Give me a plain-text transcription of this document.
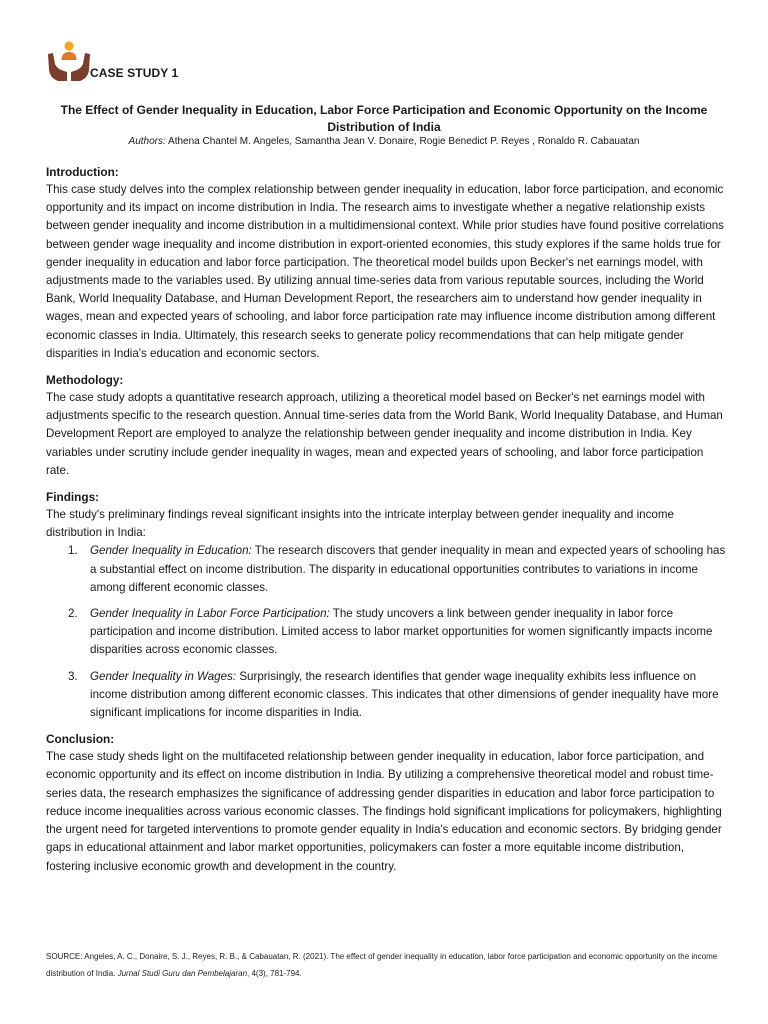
CASE STUDY 1
The Effect of Gender Inequality in Education, Labor Force Participation and Economic Opportunity on the Income Distribution of India
Authors: Athena Chantel M. Angeles, Samantha Jean V. Donaire, Rogie Benedict P. Reyes , Ronaldo R. Cabauatan
Introduction:

This case study delves into the complex relationship between gender inequality in education, labor force participation, and economic opportunity and its impact on income distribution in India. The research aims to investigate whether a negative relationship exists between gender inequality and income distribution in a multidimensional context. While prior studies have found positive correlations between gender wage inequality and income distribution in export-oriented economies, this study explores if the same holds true for gender inequality in education and labor force participation. The theoretical model builds upon Becker's net earnings model, with adjustments made to the variables used. By utilizing annual time-series data from various reputable sources, including the World Bank, World Inequality Database, and Human Development Report, the researchers aim to understand how gender inequality in wages, mean and expected years of schooling, and labor force participation rate may influence income distribution among different economic classes in India. Ultimately, this research seeks to generate policy recommendations that can help mitigate gender disparities in India's education and economic sectors.

Methodology:

The case study adopts a quantitative research approach, utilizing a theoretical model based on Becker's net earnings model with adjustments specific to the research question. Annual time-series data from the World Bank, World Inequality Database, and Human Development Report are employed to analyze the relationship between gender inequality and income distribution in India. Key variables under scrutiny include gender inequality in wages, mean and expected years of schooling, and labor force participation rate.

Findings:

The study's preliminary findings reveal significant insights into the intricate interplay between gender inequality and income distribution in India:

1. Gender Inequality in Education: The research discovers that gender inequality in mean and expected years of schooling has a substantial effect on income distribution. The disparity in educational opportunities contributes to variations in income among different economic classes.
2. Gender Inequality in Labor Force Participation: The study uncovers a link between gender inequality in labor force participation and income distribution. Limited access to labor market opportunities for women significantly impacts income disparities across economic classes.
3. Gender Inequality in Wages: Surprisingly, the research identifies that gender wage inequality exhibits less influence on income distribution among different economic classes. This indicates that other dimensions of gender inequality have more significant implications for income disparities in India.
Conclusion:

The case study sheds light on the multifaceted relationship between gender inequality in education, labor force participation, and economic opportunity and its effect on income distribution in India. By utilizing a comprehensive theoretical model and robust time-series data, the research emphasizes the significance of addressing gender disparities in education and labor force participation to reduce income inequalities across various economic classes. The findings hold significant implications for policymakers, highlighting the urgent need for targeted interventions to promote gender equality in India's education and economic sectors. By bridging gender gaps in educational attainment and labor market opportunities, policymakers can foster a more equitable income distribution, fostering inclusive economic growth and development in the country.

SOURCE: Angeles, A. C., Donaire, S. J., Reyes, R. B., & Cabauatan, R. (2021). The effect of gender inequality in education, labor force participation and economic opportunity on the income distribution of India. Jurnal Studi Guru dan Pembelajaran, 4(3), 781-794.
